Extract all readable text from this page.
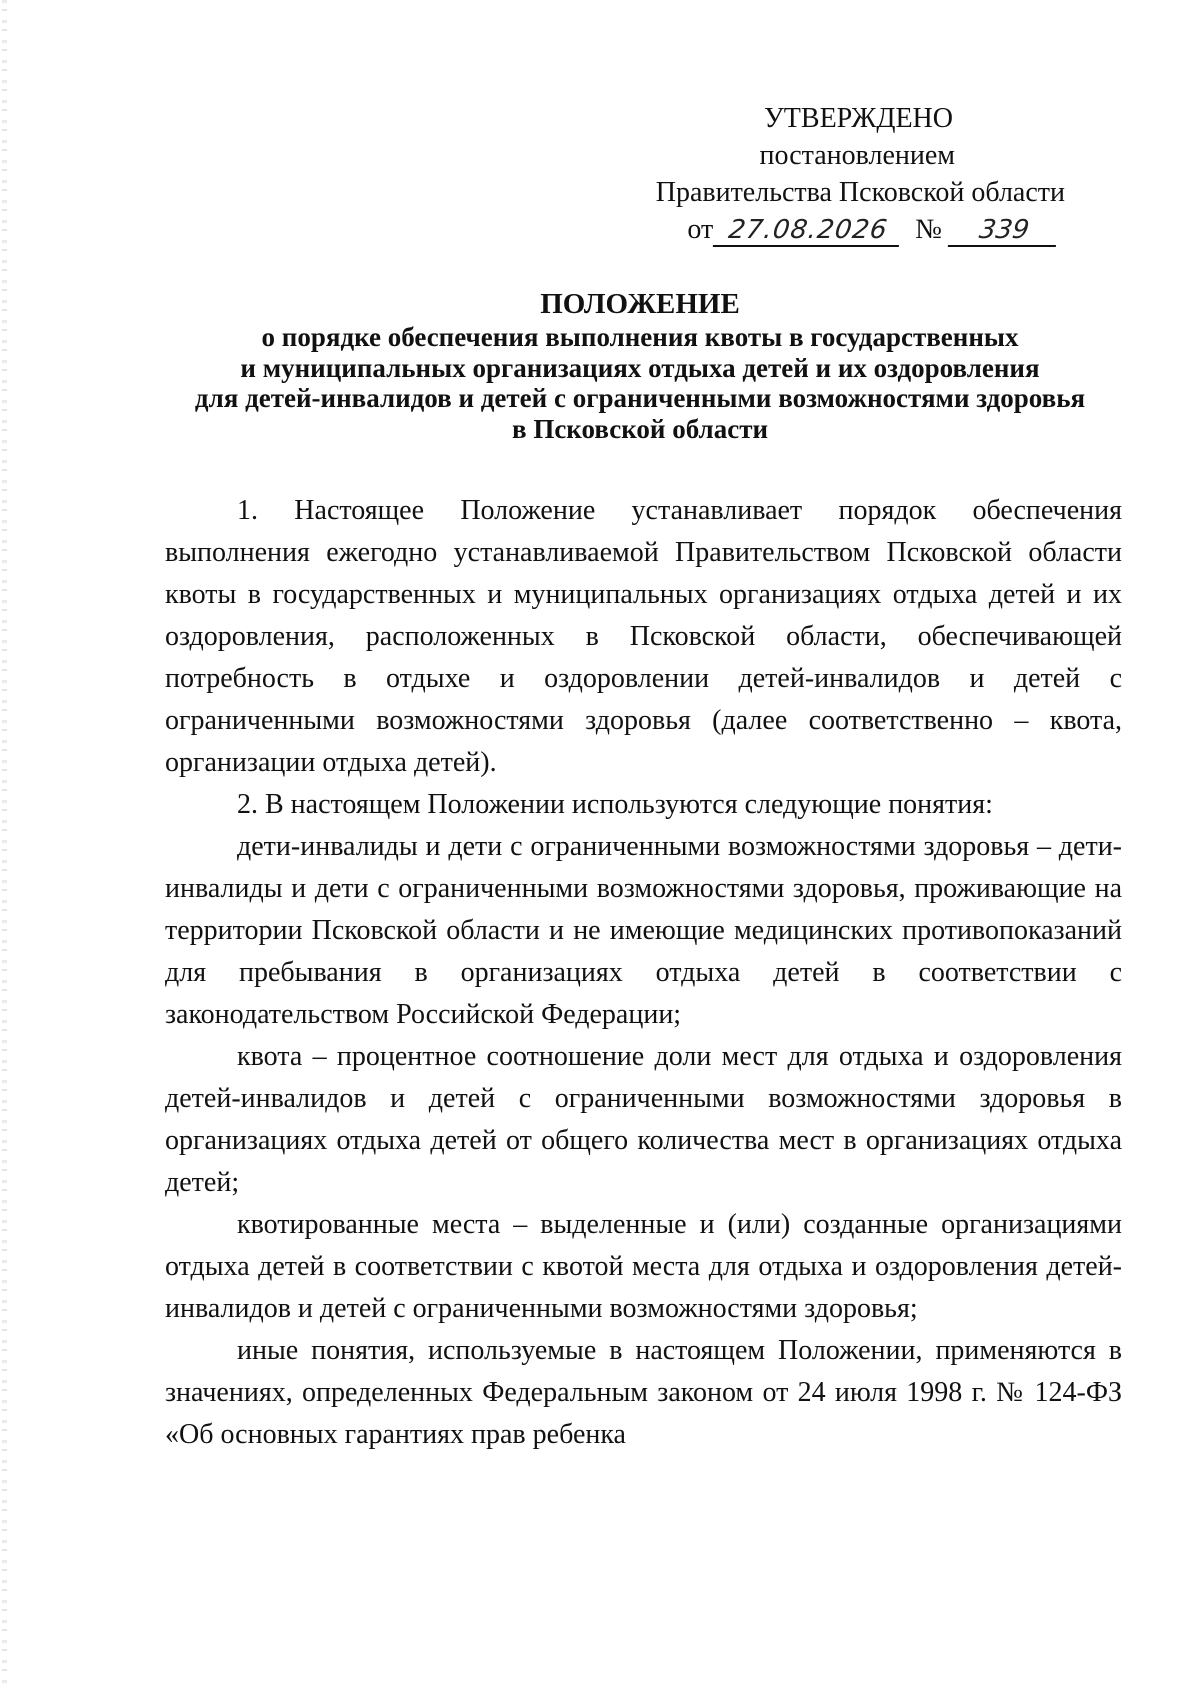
УТВЕРЖДЕНО
постановлением
Правительства Псковской области
от 27.08.2026 №	339
ПОЛОЖЕНИЕ
о порядке обеспечения выполнения квоты в государственных
и муниципальных организациях отдыха детей и их оздоровления
для детей-инвалидов и детей с ограниченными возможностями здоровья
в Псковской области

1. Настоящее Положение устанавливает порядок обеспечения выполнения ежегодно устанавливаемой Правительством Псковской области квоты в государственных и муниципальных организациях отдыха детей и их оздоровления, расположенных в Псковской области, обеспечивающей потребность в отдыхе и оздоровлении детей-инвалидов и детей с ограниченными возможностями здоровья (далее соответственно – квота, организации отдыха детей).

2. В настоящем Положении используются следующие понятия:

дети-инвалиды и дети с ограниченными возможностями здоровья – дети-инвалиды и дети с ограниченными возможностями здоровья, проживающие на территории Псковской области и не имеющие медицинских противопоказаний для пребывания в организациях отдыха детей в соответствии с законодательством Российской Федерации;

квота – процентное соотношение доли мест для отдыха и оздоровления детей-инвалидов и детей с ограниченными возможностями здоровья в организациях отдыха детей от общего количества мест в организациях отдыха детей;

квотированные места – выделенные и (или) созданные организациями отдыха детей в соответствии с квотой места для отдыха и оздоровления детей-инвалидов и детей с ограниченными возможностями здоровья;

иные понятия, используемые в настоящем Положении, применяются в значениях, определенных Федеральным законом от 24 июля 1998 г. № 124-ФЗ «Об основных гарантиях прав ребенка
